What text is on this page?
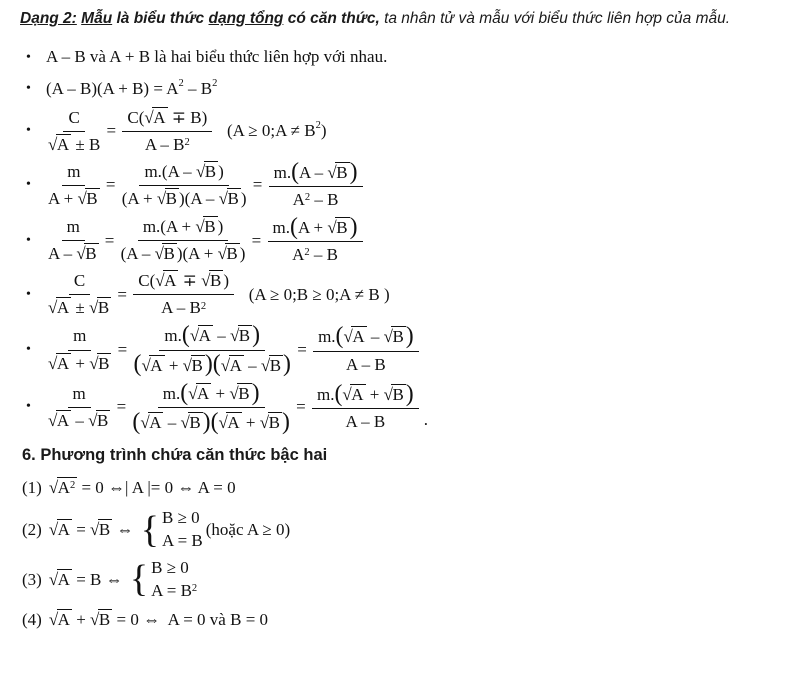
Dạng 2: Mẫu là biểu thức dạng tổng có căn thức, ta nhân tử và mẫu với biểu thức liên hợp của mẫu.
• A – B và A + B là hai biểu thức liên hợp với nhau.
• (A – B)(A + B) = A 2 – B 2
•	$\frac{C}{√A \pm B} = \frac{C(√A \mp B)}{A - B2} (A$ ≥ 0;A ≠ B 2 )
•	$\frac{m}{A + √B} = \frac{m.(A - √B )}{(A + √B )(A - √B )} = \frac{m.(A - √B)}{A2 - B}$
•	$\frac{m}{A - √B} = \frac{m.(A + √B )}{(A - √B )(A + √B )} = \frac{m.(A + √B)}{A2 - B}$
•	$\frac{C}{√A \pm √B} = \frac{C(√A \mp √B )}{A - B2} (A$ ≥ 0;B ≥ 0;A ≠ B )
•	$\frac{m}{√A + √B} = \frac{m.(√A - √B)}{(√A + √B)(√A - √B)} = \frac{m.(√A - √B)}{A - B}$
•	$\frac{m}{√A - √B} = \frac{m.(√A + √B)}{(√A - √B)(√A + √B)} = \frac{m.(√A + √B)}{A - B}$ .
6. Phương trình chứa căn thức bậc hai
(1) √A2 = 0 ⇔| A |= 0 ⇔ A = 0
(2) √A = √B ⇔ { B ≥ 0
A = B
(hoặc A ≥ 0)
(3) √A = B ⇔ { B ≥ 0
A = B2
(4) √A + √B = 0 ⇔  A = 0 và B = 0
